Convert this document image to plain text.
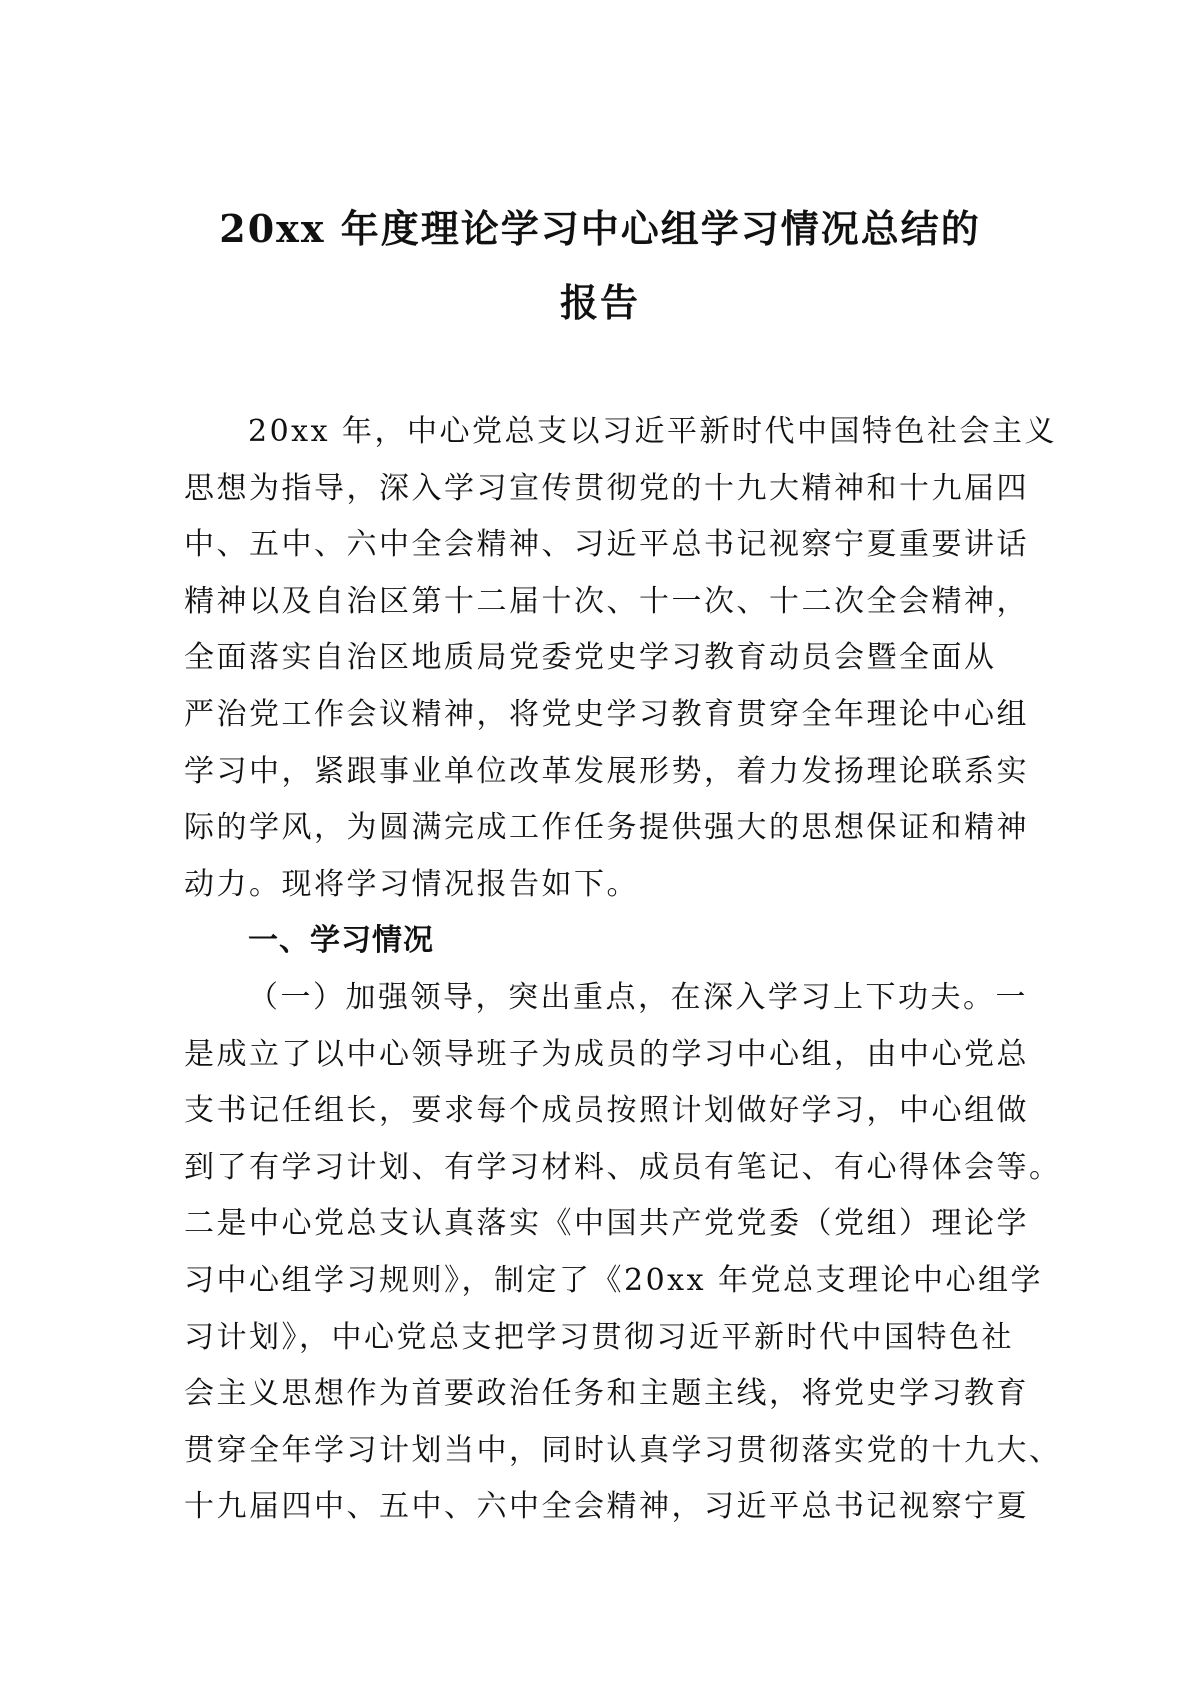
20xx 年度理论学习中心组学习情况总结的
报告
20xx 年，中心党总支以习近平新时代中国特色社会主义
思想为指导，深入学习宣传贯彻党的十九大精神和十九届四
中、五中、六中全会精神、习近平总书记视察宁夏重要讲话
精神以及自治区第十二届十次、十一次、十二次全会精神，
全面落实自治区地质局党委党史学习教育动员会暨全面从
严治党工作会议精神，将党史学习教育贯穿全年理论中心组
学习中，紧跟事业单位改革发展形势，着力发扬理论联系实
际的学风，为圆满完成工作任务提供强大的思想保证和精神
动力。现将学习情况报告如下。
一、学习情况
（一）加强领导，突出重点，在深入学习上下功夫。一
是成立了以中心领导班子为成员的学习中心组，由中心党总
支书记任组长，要求每个成员按照计划做好学习，中心组做
到了有学习计划、有学习材料、成员有笔记、有心得体会等。
二是中心党总支认真落实《中国共产党党委（党组）理论学
习中心组学习规则》，制定了《20xx 年党总支理论中心组学
习计划》，中心党总支把学习贯彻习近平新时代中国特色社
会主义思想作为首要政治任务和主题主线，将党史学习教育
贯穿全年学习计划当中，同时认真学习贯彻落实党的十九大、
十九届四中、五中、六中全会精神，习近平总书记视察宁夏
